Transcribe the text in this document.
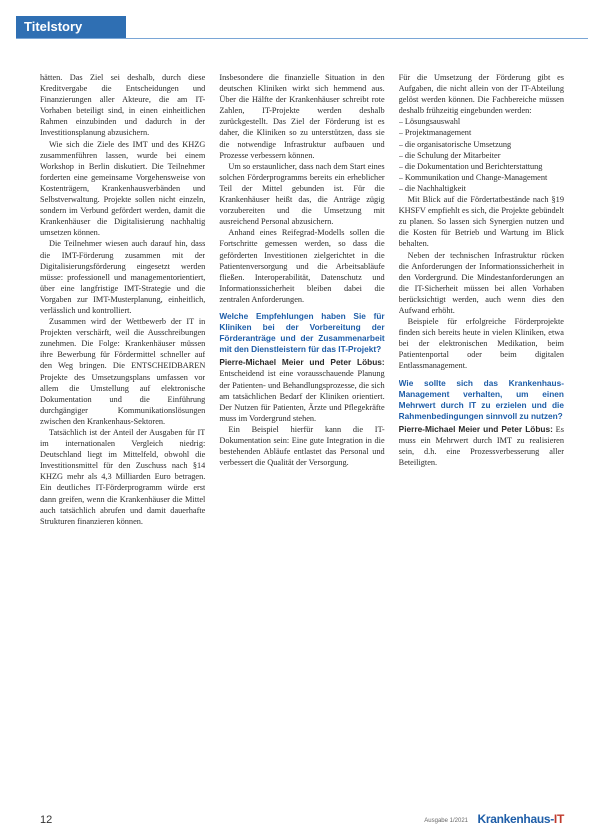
Titelstory

hätten. Das Ziel sei deshalb, durch diese Kreditvergabe die Entscheidungen und Finanzierungen aller Akteure, die am IT-Vorhaben beteiligt sind, in einen einheitlichen Rahmen einzubinden und dadurch in der Investitionsplanung abzusichern.

Wie sich die Ziele des IMT und des KHZG zusammenführen lassen, wurde bei einem Workshop in Berlin diskutiert. Die Teilnehmer forderten eine gemeinsame Vorgehensweise von Kostenträgern, Krankenhausverbänden und Selbstverwaltung. Projekte sollen nicht einzeln, sondern im Verbund gefördert werden, damit die Krankenhäuser die Digitalisierung nachhaltig umsetzen können.

Die Teilnehmer wiesen auch darauf hin, dass die IMT-Förderung zusammen mit der Digitalisierungsförderung eingesetzt werden müsse: professionell und managementorientiert, über eine langfristige IMT-Strategie und die Vorgaben zur IMT-Musterplanung, einheitlich, verlässlich und kontrolliert.

Zusammen wird der Wettbewerb der IT in Projekten verschärft, weil die Ausschreibungen zunehmen. Die Folge: Krankenhäuser müssen ihre Bewerbung für Fördermittel schneller auf den Weg bringen. Die ENTSCHEIDBAREN Projekte des Umsetzungsplans umfassen vor allem die Umstellung auf elektronische Dokumentation und die Einführung durchgängiger Kommunikationslösungen zwischen den Krankenhaus-Sektoren.

Tatsächlich ist der Anteil der Ausgaben für IT im internationalen Vergleich niedrig: Deutschland liegt im Mittelfeld, obwohl die Investitionsmittel für den Zuschuss nach §14 KHZG mehr als 4,3 Milliarden Euro betragen. Ein deutliches IT-Förderprogramm würde erst dann greifen, wenn die Krankenhäuser die Mittel auch tatsächlich abrufen und damit dauerhafte Strukturen finanzieren können.

Insbesondere die finanzielle Situation in den deutschen Kliniken wirkt sich hemmend aus. Über die Hälfte der Krankenhäuser schreibt rote Zahlen, IT-Projekte werden deshalb zurückgestellt. Das Ziel der Förderung ist es daher, die Kliniken so zu unterstützen, dass sie die notwendige Infrastruktur aufbauen und Prozesse verbessern können.

Um so erstaunlicher, dass nach dem Start eines solchen Förderprogramms bereits ein erheblicher Teil der Mittel gebunden ist. Für die Krankenhäuser heißt das, die Anträge zügig vorzubereiten und die Umsetzung mit ausreichend Personal abzusichern.

Anhand eines Reifegrad-Modells sollen die Fortschritte gemessen werden, so dass die geförderten Investitionen zielgerichtet in die Patientenversorgung und die Arbeitsabläufe fließen. Interoperabilität, Datenschutz und Informationssicherheit bleiben dabei die zentralen Anforderungen.

Welche Empfehlungen haben Sie für Kliniken bei der Vorbereitung der Förderanträge und der Zusammenarbeit mit den Dienstleistern für das IT-Projekt?

Pierre-Michael Meier und Peter Löbus: Entscheidend ist eine vorausschauende Planung der Patienten- und Behandlungsprozesse, die sich am tatsächlichen Bedarf der Kliniken orientiert. Der Nutzen für Patienten, Ärzte und Pflegekräfte muss im Vordergrund stehen.

Ein Beispiel hierfür kann die IT-Dokumentation sein: Eine gute Integration in die bestehenden Abläufe entlastet das Personal und verbessert die Qualität der Versorgung.

Für die Umsetzung der Förderung gibt es Aufgaben, die nicht allein von der IT-Abteilung gelöst werden können. Die Fachbereiche müssen deshalb frühzeitig eingebunden werden:

– Lösungsauswahl
– Projektmanagement
– die organisatorische Umsetzung
– die Schulung der Mitarbeiter
– die Dokumentation und Berichterstattung
– Kommunikation und Change-Management
– die Nachhaltigkeit

Mit Blick auf die Fördertatbestände nach §19 KHSFV empfiehlt es sich, die Projekte gebündelt zu planen. So lassen sich Synergien nutzen und die Kosten für Betrieb und Wartung im Blick behalten.

Neben der technischen Infrastruktur rücken die Anforderungen der Informationssicherheit in den Vordergrund. Die Mindestanforderungen an die IT-Sicherheit müssen bei allen Vorhaben berücksichtigt werden, auch wenn dies den Aufwand erhöht.

Beispiele für erfolgreiche Förderprojekte finden sich bereits heute in vielen Kliniken, etwa bei der elektronischen Medikation, beim Patientenportal oder beim digitalen Entlassmanagement.

Wie sollte sich das Krankenhaus-Management verhalten, um einen Mehrwert durch IT zu erzielen und die Rahmenbedingungen sinnvoll zu nutzen?

Pierre-Michael Meier und Peter Löbus: Es muss ein Mehrwert durch IMT zu realisieren sein, d.h. eine Prozessverbesserung aller Beteiligten.

12	Ausgabe 1/2021 Krankenhaus-IT
